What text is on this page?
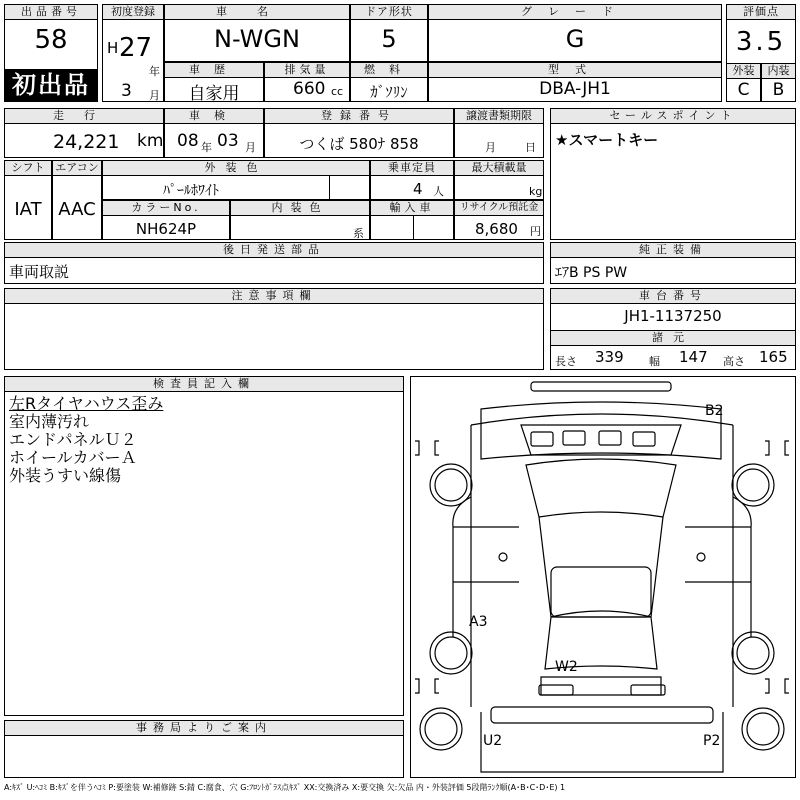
出品番号
58
初出品
初度登録
H 27
年
3 月
車名
N-WGN
ドア形状
5
グレード
G
車歴
自家用
排気量
660 cc
燃料
ｶﾞｿﾘﾝ
型式
DBA-JH1
評価点
3.5
外装
C
内装
B
走行
24,221 km
車検
08 年 03 月
登録番号
つくば 580ﾅ 858
譲渡書類期限
月	日
セールスポイント
★スマートキー
シフト
IAT
エアコン
AAC
外装色
ﾊﾟｰﾙﾎﾜｲﾄ
乗車定員
4 人
最大積載量
kg
カラーNo.
NH624P
内装色
系
輸入車	リサイクル預託金
8,680 円
後日発送部品
車両取説
純正装備
ｴｱB PS PW
注意事項欄	車台番号
JH1-1137250
諸元
長さ 339 幅 147 高さ 165
検査員記入欄
左Rタイヤハウス歪み
室内薄汚れ
エンドパネルＵ２
ホイールカバーＡ
外装うすい線傷
事務局よりご案内
B2
A3
W2
U2	P2
A:ｷｽﾞ U:ﾍｺﾐ B:ｷｽﾞを伴うﾍｺﾐ P:要塗装 W:補修跡 S:錆 C:腐食、穴 G:ﾌﾛﾝﾄｶﾞﾗｽ点ｷｽﾞ XX:交換済み X:要交換 欠:欠品 内・外装評価 5段階ﾗﾝｸ順(A･B･C･D･E) 1
